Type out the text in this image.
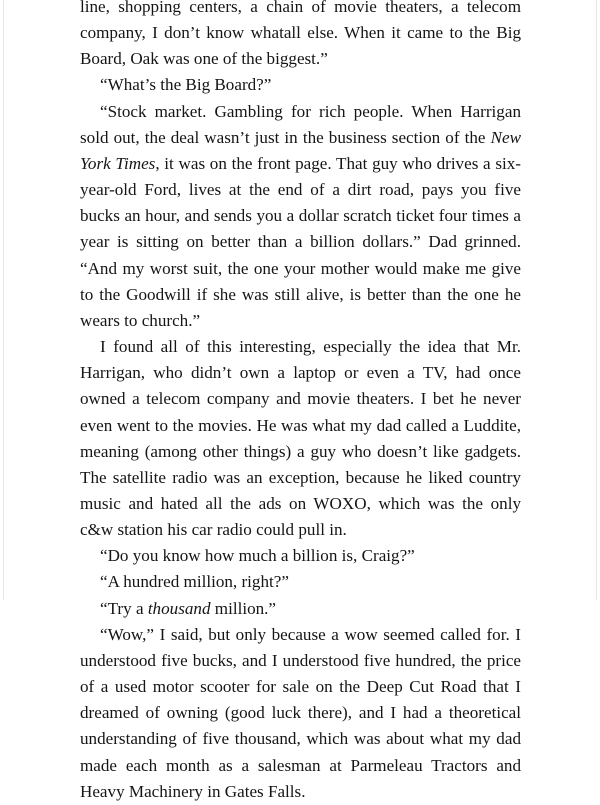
line, shopping centers, a chain of movie theaters, a telecom company, I don’t know whatall else. When it came to the Big Board, Oak was one of the biggest.”

“What’s the Big Board?”

“Stock market. Gambling for rich people. When Harrigan sold out, the deal wasn’t just in the business section of the New York Times, it was on the front page. That guy who drives a six-year-old Ford, lives at the end of a dirt road, pays you five bucks an hour, and sends you a dollar scratch ticket four times a year is sitting on better than a billion dollars.” Dad grinned. “And my worst suit, the one your mother would make me give to the Goodwill if she was still alive, is better than the one he wears to church.”

I found all of this interesting, especially the idea that Mr. Harrigan, who didn’t own a laptop or even a TV, had once owned a telecom company and movie theaters. I bet he never even went to the movies. He was what my dad called a Luddite, meaning (among other things) a guy who doesn’t like gadgets. The satellite radio was an exception, because he liked country music and hated all the ads on WOXO, which was the only c&w station his car radio could pull in.

“Do you know how much a billion is, Craig?”

“A hundred million, right?”

“Try a thousand million.”

“Wow,” I said, but only because a wow seemed called for. I understood five bucks, and I understood five hundred, the price of a used motor scooter for sale on the Deep Cut Road that I dreamed of owning (good luck there), and I had a theoretical understanding of five thousand, which was about what my dad made each month as a salesman at Parmeleau Tractors and Heavy Machinery in Gates Falls.
